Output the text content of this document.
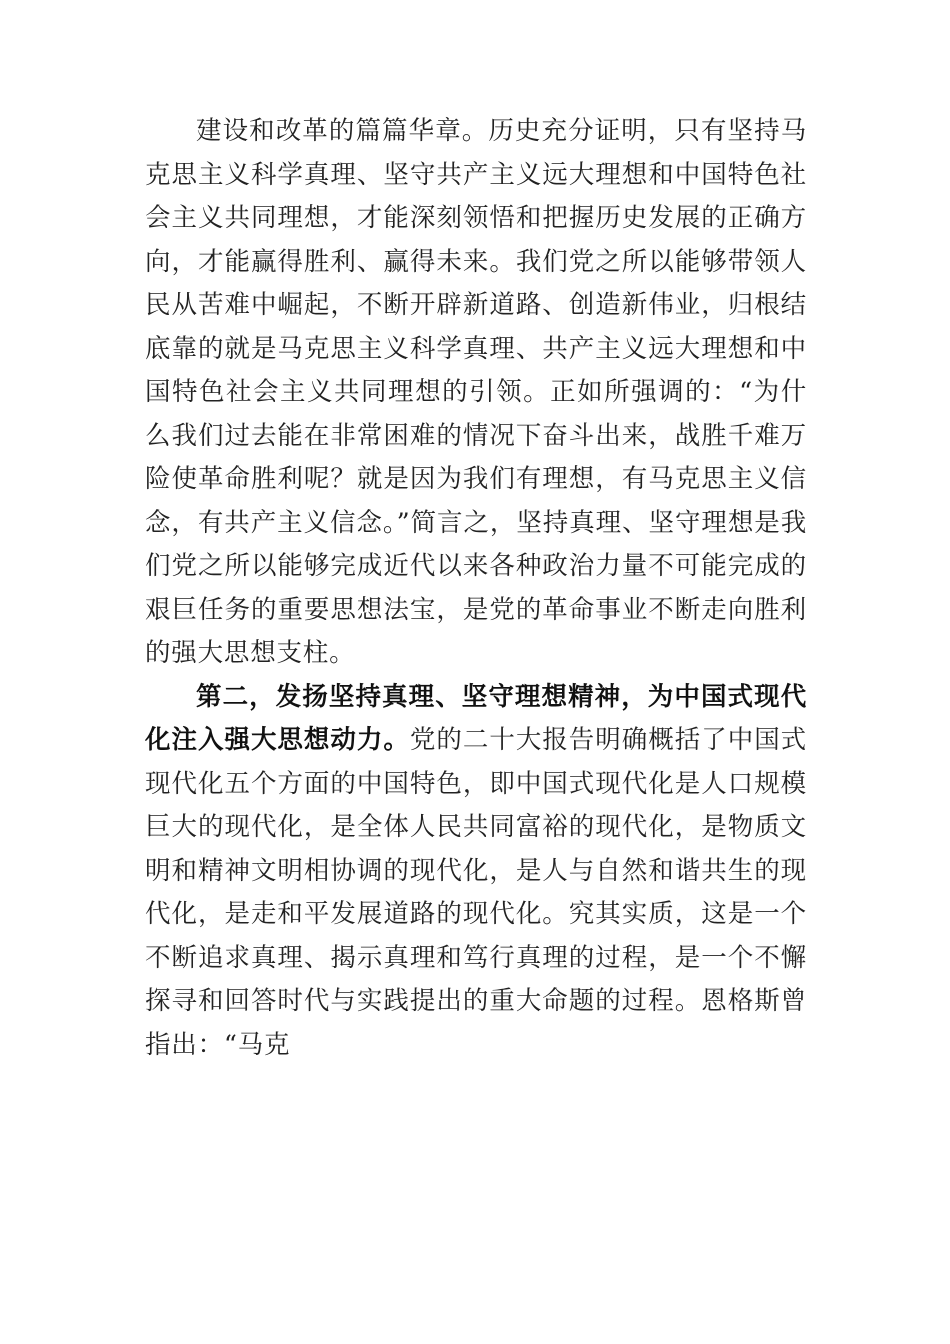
建设和改革的篇篇华章。历史充分证明，只有坚持马克思主义科学真理、坚守共产主义远大理想和中国特色社会主义共同理想，才能深刻领悟和把握历史发展的正确方向，才能赢得胜利、赢得未来。我们党之所以能够带领人民从苦难中崛起，不断开辟新道路、创造新伟业，归根结底靠的就是马克思主义科学真理、共产主义远大理想和中国特色社会主义共同理想的引领。正如所强调的：“为什么我们过去能在非常困难的情况下奋斗出来，战胜千难万险使革命胜利呢？就是因为我们有理想，有马克思主义信念，有共产主义信念。”简言之，坚持真理、坚守理想是我们党之所以能够完成近代以来各种政治力量不可能完成的艰巨任务的重要思想法宝，是党的革命事业不断走向胜利的强大思想支柱。

第二，发扬坚持真理、坚守理想精神，为中国式现代化注入强大思想动力。党的二十大报告明确概括了中国式现代化五个方面的中国特色，即中国式现代化是人口规模巨大的现代化，是全体人民共同富裕的现代化，是物质文明和精神文明相协调的现代化，是人与自然和谐共生的现代化，是走和平发展道路的现代化。究其实质，这是一个不断追求真理、揭示真理和笃行真理的过程，是一个不懈探寻和回答时代与实践提出的重大命题的过程。恩格斯曾指出：“马克
